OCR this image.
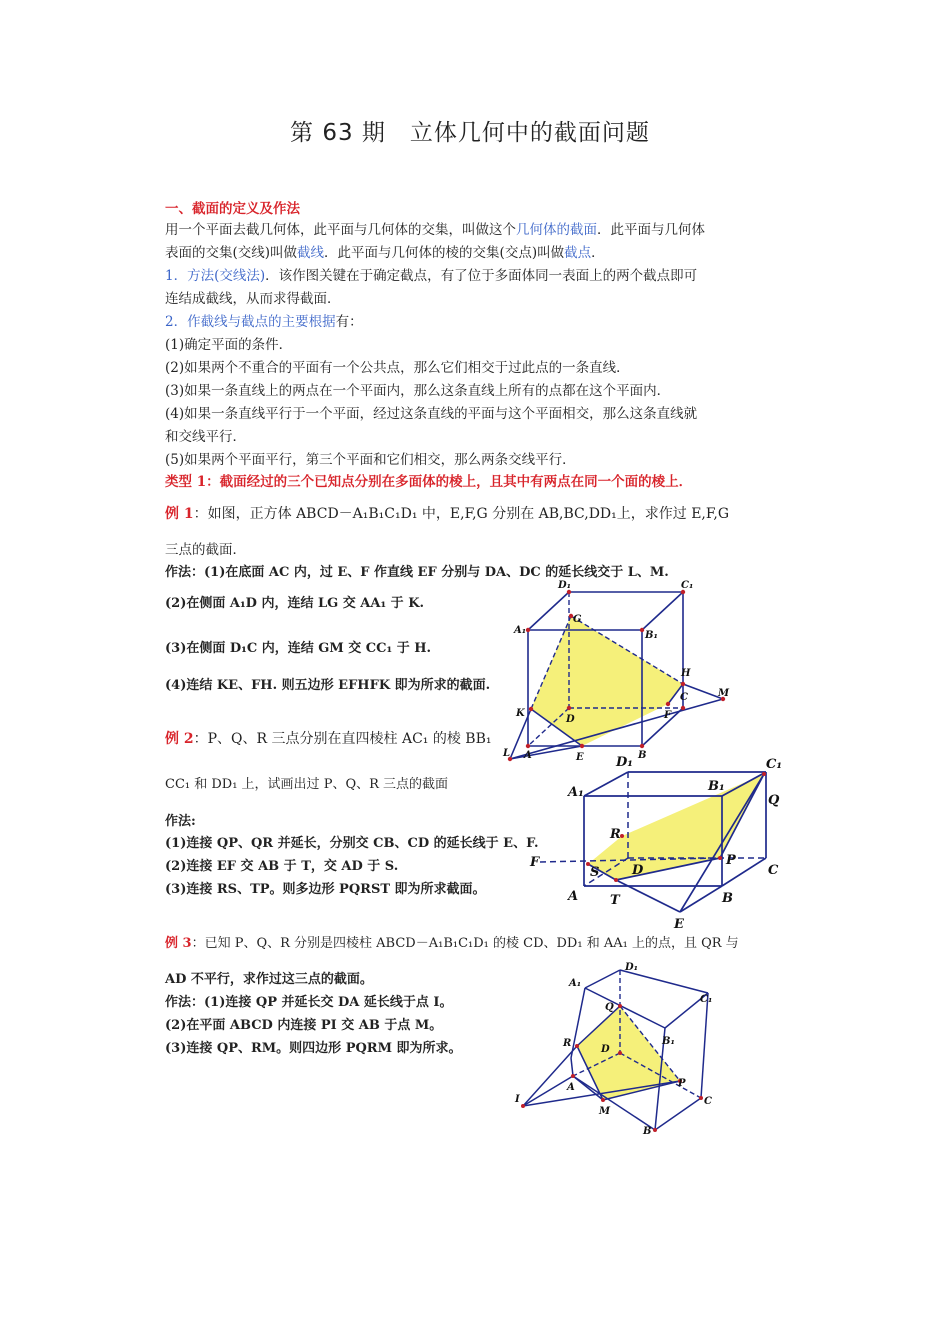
第 63 期　立体几何中的截面问题
一、截面的定义及作法
用一个平面去截几何体，此平面与几何体的交集，叫做这个几何体的截面．此平面与几何体
表面的交集(交线)叫做截线．此平面与几何体的棱的交集(交点)叫做截点．
1．方法(交线法)．该作图关键在于确定截点，有了位于多面体同一表面上的两个截点即可
连结成截线，从而求得截面．
2．作截线与截点的主要根据有：
(1)确定平面的条件．
(2)如果两个不重合的平面有一个公共点，那么它们相交于过此点的一条直线．
(3)如果一条直线上的两点在一个平面内，那么这条直线上所有的点都在这个平面内．
(4)如果一条直线平行于一个平面，经过这条直线的平面与这个平面相交，那么这条直线就
和交线平行．
(5)如果两个平面平行，第三个平面和它们相交，那么两条交线平行．
类型 1：截面经过的三个已知点分别在多面体的棱上，且其中有两点在同一个面的棱上．
例 1：如图，正方体 ABCD－A₁B₁C₁D₁ 中，E,F,G 分别在 AB,BC,DD₁上，求作过 E,F,G
三点的截面．
作法：(1)在底面 AC 内，过 E、F 作直线 EF 分别与 DA、DC 的延长线交于 L、M.
(2)在侧面 A₁D 内，连结 LG 交 AA₁ 于 K.
(3)在侧面 D₁C 内，连结 GM 交 CC₁ 于 H.
(4)连结 KE、FH. 则五边形 EFHFK 即为所求的截面.
D₁	C₁
A₁	B₁
G
H
C	M
K
D	F
L A	E	B
例 2：P、Q、R 三点分别在直四棱柱 AC₁ 的棱 BB₁
CC₁ 和 DD₁ 上，试画出过 P、Q、R 三点的截面
作法:
(1)连接 QP、QR 并延长，分别交 CB、CD 的延长线于 E、F.
(2)连接 EF 交 AB 于 T，交 AD 于 S.
(3)连接 RS、TP。则多边形 PQRST 即为所求截面。
D₁	C₁
A₁	B₁
Q
R
P
F
S	D	C
A T	B
E
例 3：已知 P、Q、R 分别是四棱柱 ABCD－A₁B₁C₁D₁ 的棱 CD、DD₁ 和 AA₁ 上的点，且 QR 与
AD 不平行，求作过这三点的截面。
作法：(1)连接 QP 并延长交 DA 延长线于点 I。
(2)在平面 ABCD 内连接 PI 交 AB 于点 M。
(3)连接 QP、RM。则四边形 PQRM 即为所求。
D₁
A₁
Q
C₁
B₁
R
D
P
A
I
M
C
B
